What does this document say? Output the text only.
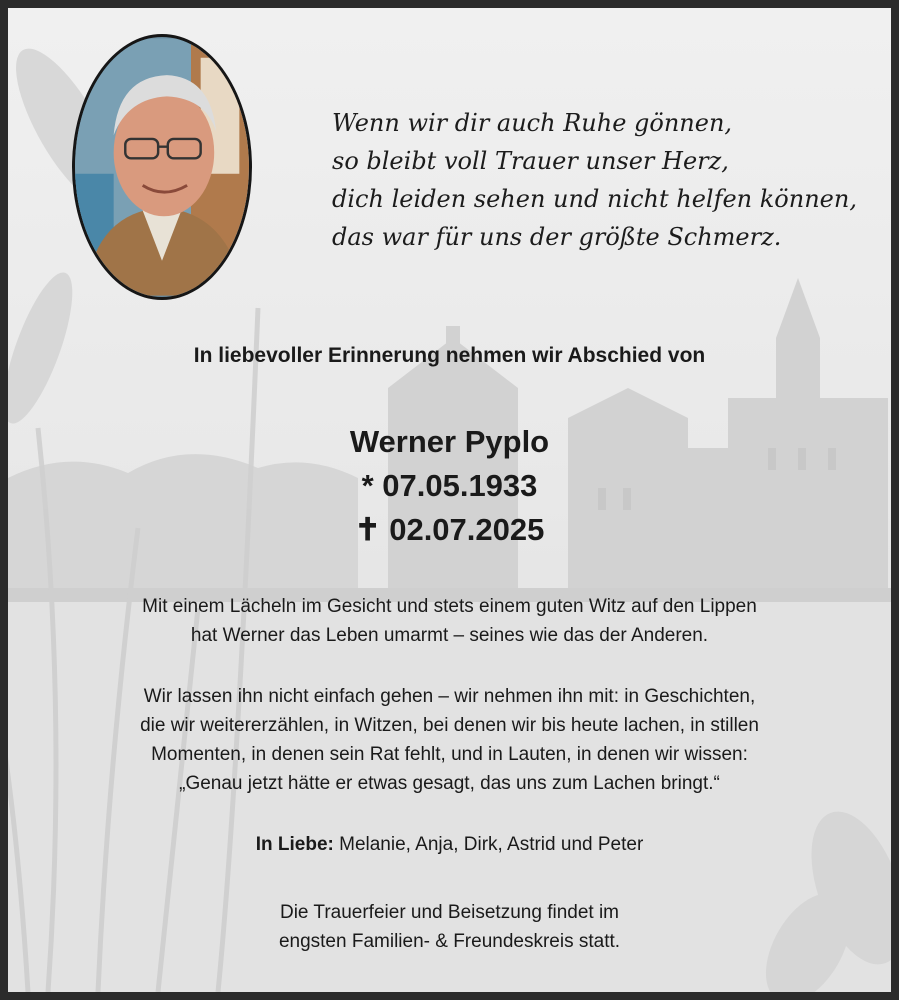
Wenn wir dir auch Ruhe gönnen,
so bleibt voll Trauer unser Herz,
dich leiden sehen und nicht helfen können,
das war für uns der größte Schmerz.
In liebevoller Erinnerung nehmen wir Abschied von
Werner Pyplo
* 07.05.1933
✝ 02.07.2025
Mit einem Lächeln im Gesicht und stets einem guten Witz auf den Lippen
hat Werner das Leben umarmt – seines wie das der Anderen.
Wir lassen ihn nicht einfach gehen – wir nehmen ihn mit: in Geschichten,
die wir weitererzählen, in Witzen, bei denen wir bis heute lachen, in stillen
Momenten, in denen sein Rat fehlt, und in Lauten, in denen wir wissen:
„Genau jetzt hätte er etwas gesagt, das uns zum Lachen bringt.“
In Liebe: Melanie, Anja, Dirk, Astrid und Peter
Die Trauerfeier und Beisetzung findet im
engsten Familien- & Freundeskreis statt.
